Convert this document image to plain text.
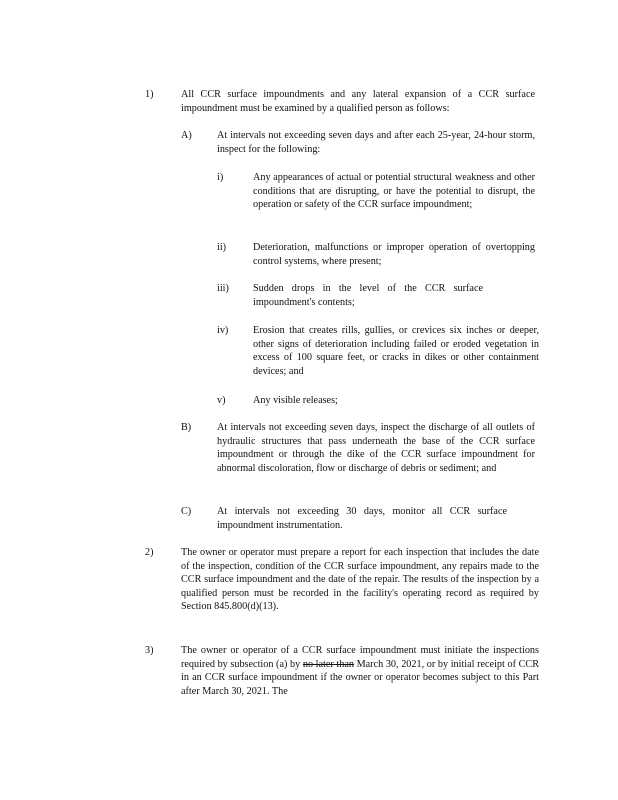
1)	All CCR surface impoundments and any lateral expansion of a CCR surface impoundment must be examined by a qualified person as follows:
A) At intervals not exceeding seven days and after each 25-year, 24-hour storm, inspect for the following:
i)	Any appearances of actual or potential structural weakness and other conditions that are disrupting, or have the potential to disrupt, the operation or safety of the CCR surface impoundment;
ii)	Deterioration, malfunctions or improper operation of overtopping control systems, where present;
iii) Sudden drops in the level of the CCR surface impoundment's contents;
iv) Erosion that creates rills, gullies, or crevices six inches or deeper, other signs of deterioration including failed or eroded vegetation in excess of 100 square feet, or cracks in dikes or other containment devices; and
v)	Any visible releases;
B)	At intervals not exceeding seven days, inspect the discharge of all outlets of hydraulic structures that pass underneath the base of the CCR surface impoundment or through the dike of the CCR surface impoundment for abnormal discoloration, flow or discharge of debris or sediment; and
C)	At intervals not exceeding 30 days, monitor all CCR surface impoundment instrumentation.
2)	The owner or operator must prepare a report for each inspection that includes the date of the inspection, condition of the CCR surface impoundment, any repairs made to the CCR surface impoundment and the date of the repair. The results of the inspection by a qualified person must be recorded in the facility's operating record as required by Section 845.800(d)(13).
3)	The owner or operator of a CCR surface impoundment must initiate the inspections required by subsection (a) by no later than March 30, 2021, or by initial receipt of CCR in an CCR surface impoundment if the owner or operator becomes subject to this Part after March 30, 2021. The
